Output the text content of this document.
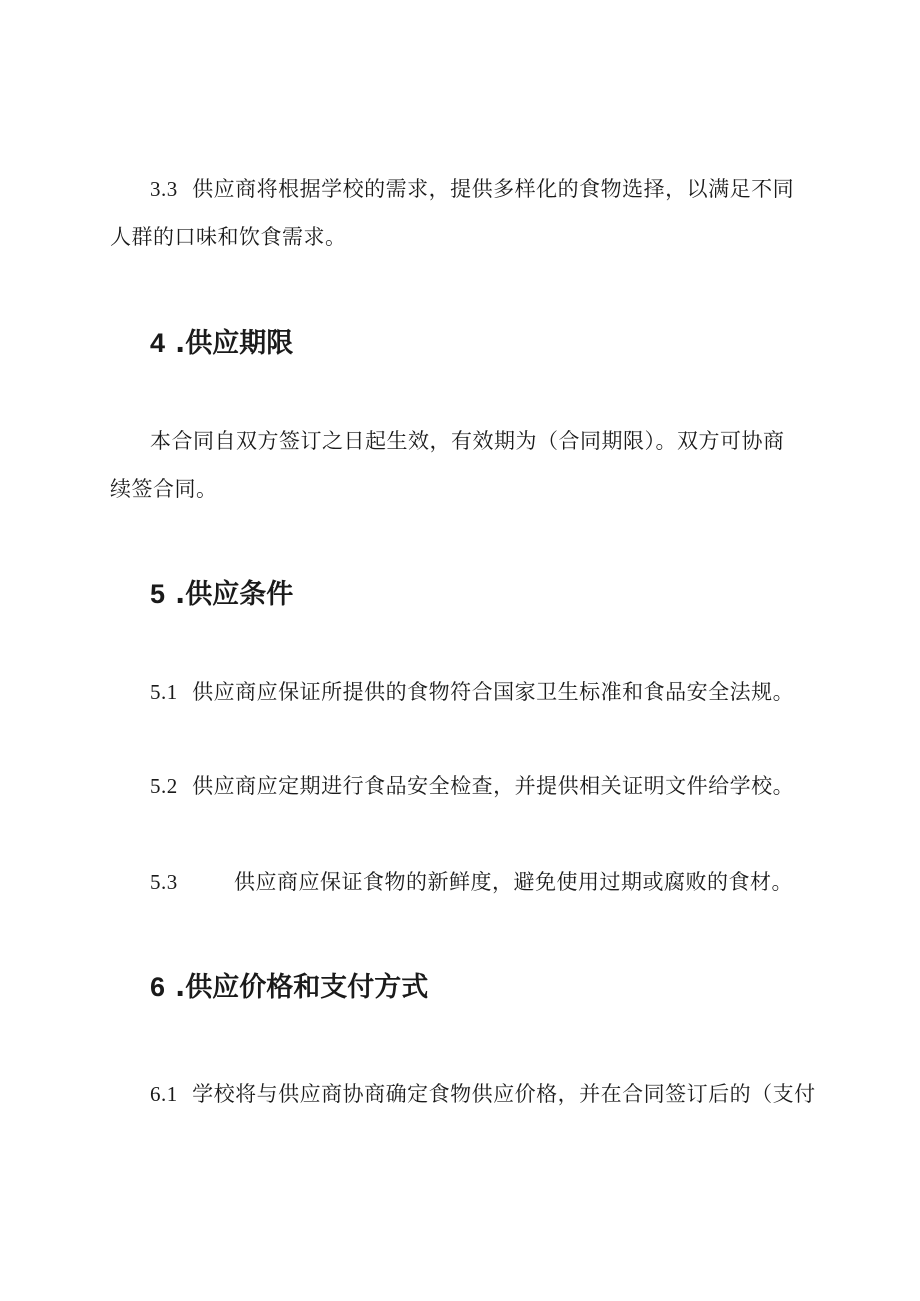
3.3 供应商将根据学校的需求，提供多样化的食物选择，以满足不同
人群的口味和饮食需求。
4 .供应期限
本合同自双方签订之日起生效，有效期为（合同期限）。双方可协商
续签合同。
5 .供应条件
5.1 供应商应保证所提供的食物符合国家卫生标准和食品安全法规。
5.2 供应商应定期进行食品安全检查，并提供相关证明文件给学校。
5.3	供应商应保证食物的新鲜度，避免使用过期或腐败的食材。
6 .供应价格和支付方式
6.1 学校将与供应商协商确定食物供应价格，并在合同签订后的（支付
